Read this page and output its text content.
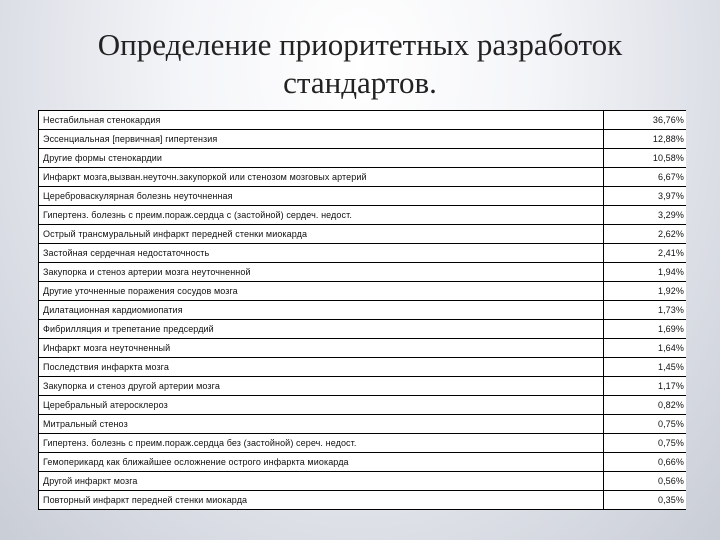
Определение приоритетных разработок
стандартов.
Нестабильная стенокардия	36,76%
Эссенциальная [первичная] гипертензия	12,88%
Другие формы стенокардии	10,58%
Инфаркт мозга,вызван.неуточн.закупоркой или стенозом мозговых артерий	6,67%
Цереброваскулярная болезнь неуточненная	3,97%
Гипертенз. болезнь с преим.пораж.сердца с (застойной) сердеч. недост.	3,29%
Острый трансмуральный инфаркт передней стенки миокарда	2,62%
Застойная сердечная недостаточность	2,41%
Закупорка и стеноз артерии мозга неуточненной	1,94%
Другие уточненные поражения сосудов мозга	1,92%
Дилатационная кардиомиопатия	1,73%
Фибрилляция и трепетание предсердий	1,69%
Инфаркт мозга неуточненный	1,64%
Последствия инфаркта мозга	1,45%
Закупорка и стеноз другой артерии мозга	1,17%
Церебральный атеросклероз	0,82%
Митральный стеноз	0,75%
Гипертенз. болезнь с преим.пораж.сердца без (застойной) сереч. недост.	0,75%
Гемоперикард как ближайшее осложнение острого инфаркта миокарда	0,66%
Другой инфаркт мозга	0,56%
Повторный инфаркт передней стенки миокарда	0,35%
